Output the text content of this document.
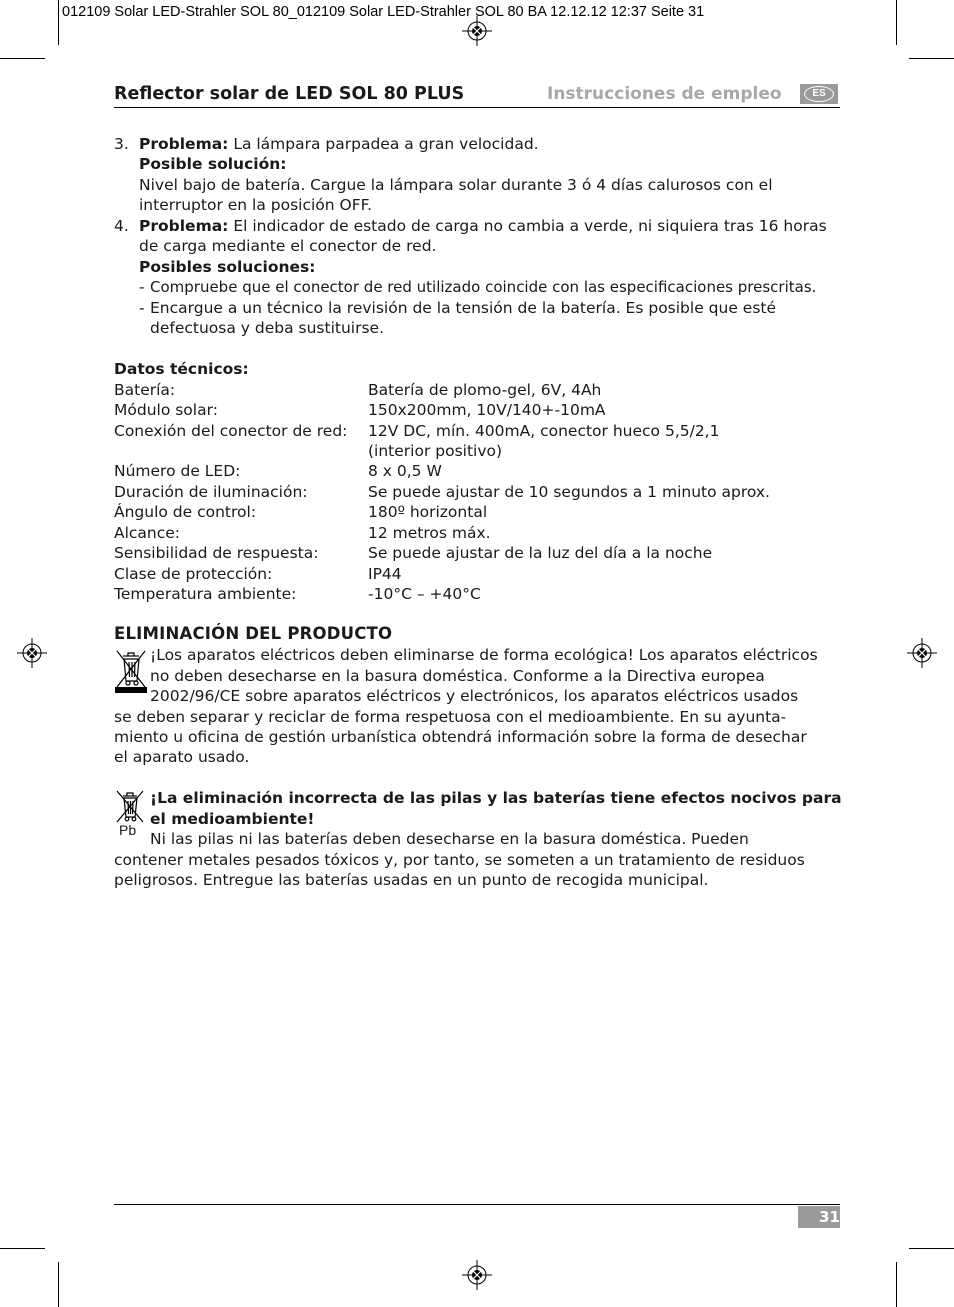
012109 Solar LED-Strahler SOL 80_012109 Solar LED-Strahler SOL 80 BA 12.12.12 12:37 Seite 31
Reflector solar de LED SOL 80 PLUS	Instrucciones de empleo	ES
3. Problema: La lámpara parpadea a gran velocidad.
Posible solución:
Nivel bajo de batería. Cargue la lámpara solar durante 3 ó 4 días calurosos con el
interruptor en la posición OFF.
4. Problema: El indicador de estado de carga no cambia a verde, ni siquiera tras 16 horas
de carga mediante el conector de red.
Posibles soluciones:
- Compruebe que el conector de red utilizado coincide con las especificaciones prescritas.
- Encargue a un técnico la revisión de la tensión de la batería. Es posible que esté
defectuosa y deba sustituirse.
Datos técnicos:
Batería:	Batería de plomo-gel, 6V, 4Ah
Módulo solar:	150x200mm, 10V/140+-10mA
Conexión del conector de red: 12V DC, mín. 400mA, conector hueco 5,5/2,1
(interior positivo)
Número de LED:	8 x 0,5 W
Duración de iluminación:	Se puede ajustar de 10 segundos a 1 minuto aprox.
Ángulo de control:	180º horizontal
Alcance:	12 metros máx.
Sensibilidad de respuesta:	Se puede ajustar de la luz del día a la noche
Clase de protección:	IP44
Temperatura ambiente:	-10°C – +40°C
ELIMINACIÓN DEL PRODUCTO
¡Los aparatos eléctricos deben eliminarse de forma ecológica! Los aparatos eléctricos
no deben desecharse en la basura doméstica. Conforme a la Directiva europea
2002/96/CE sobre aparatos eléctricos y electrónicos, los aparatos eléctricos usados
se deben separar y reciclar de forma respetuosa con el medioambiente. En su ayunta-
miento u oficina de gestión urbanística obtendrá información sobre la forma de desechar
el aparato usado.
Pb
¡La eliminación incorrecta de las pilas y las baterías tiene efectos nocivos para
el medioambiente!
Ni las pilas ni las baterías deben desecharse en la basura doméstica. Pueden
contener metales pesados tóxicos y, por tanto, se someten a un tratamiento de residuos
peligrosos. Entregue las baterías usadas en un punto de recogida municipal.
31
